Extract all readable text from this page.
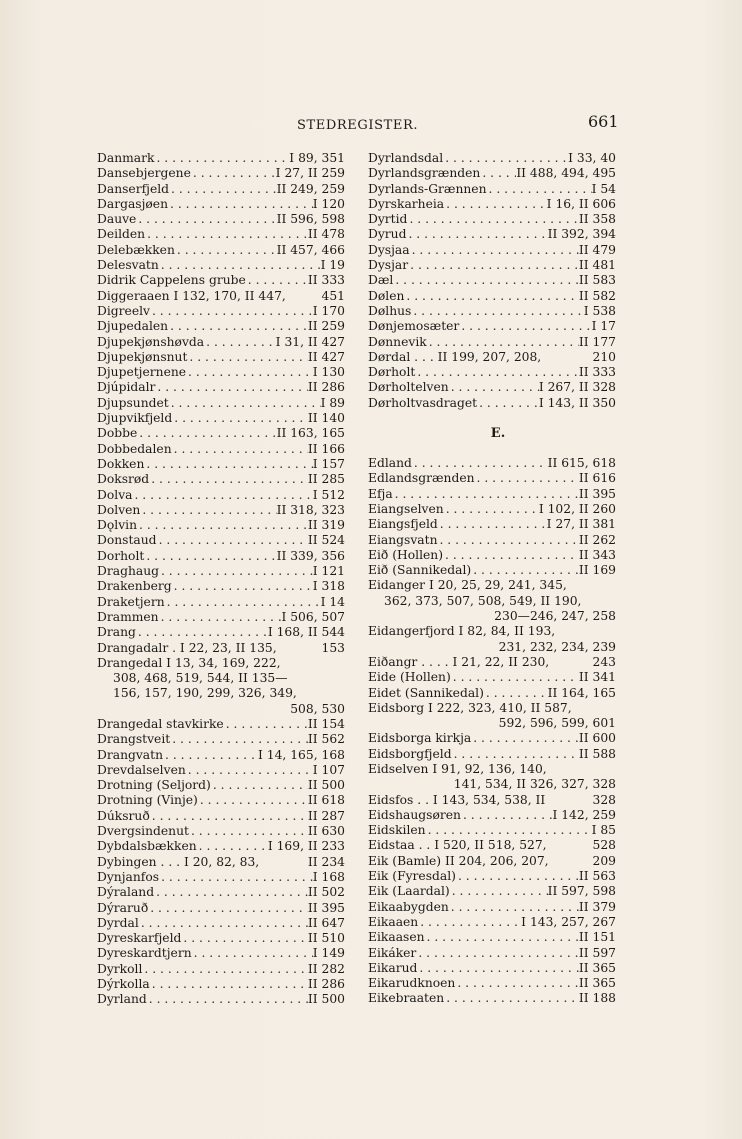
STEDREGISTER.	661
Danmark . . .	I 89, 351
Dansebjergene . . .	I 27, II 259
Danserfjeld . . .	II 249, 259
Dargasjøen . . .	I 120
Dauve . . .	II 596, 598
Deilden . . .	II 478
Delebækken . . .	II 457, 466
Delesvatn . . .	I 19
Didrik Cappelens grube . . .	II 333
Diggeraaen I 132, 170, II 447,	451
Digreelv . . .	I 170
Djupedalen . . .	II 259
Djupekjønshøvda . . .	I 31, II 427
Djupekjønsnut . . .	II 427
Djupetjernene . . .	I 130
Djúpidalr . . .	II 286
Djupsundet . . .	I 89
Djupvikfjeld . . .	II 140
Dobbe . . .	II 163, 165
Dobbedalen . . .	II 166
Dokken . . .	I 157
Doksrød . . .	II 285
Dolva . . .	I 512
Dolven . . .	II 318, 323
Dǫlvin . . .	II 319
Donstaud . . .	II 524
Dorholt . . .	II 339, 356
Draghaug . . .	I 121
Drakenberg . . .	I 318
Draketjern . . .	I 14
Drammen . . .	I 506, 507
Drang . . .	I 168, II 544
Drangadalr . I 22, 23, II 135,	153
Drangedal I 13, 34, 169, 222,
308, 468, 519, 544, II 135—
156, 157, 190, 299, 326, 349,
508, 530
Drangedal stavkirke . . .	II 154
Drangstveit . . .	II 562
Drangvatn . . .	I 14, 165, 168
Drevdalselven . . .	I 107
Drotning (Seljord) . . .	II 500
Drotning (Vinje) . . .	II 618
Dúksruð . . .	II 287
Dvergsindenut . . .	II 630
Dybdalsbækken . . .	I 169, II 233
Dybingen . . . I 20, 82, 83,	II 234
Dynjanfos . . .	I 168
Dýraland . . .	II 502
Dýraruð . . .	II 395
Dyrdal . . .	II 647
Dyreskarfjeld . . .	II 510
Dyreskardtjern . . .	I 149
Dyrkoll . . .	II 282
Dýrkolla . . .	II 286
Dyrland . . .	II 500
Dyrlandsdal . . .	I 33, 40
Dyrlandsgrænden . . .	II 488, 494, 495
Dyrlands-Grænnen . . .	I 54
Dyrskarheia . . .	I 16, II 606
Dyrtid . . .	II 358
Dyrud . . .	II 392, 394
Dysjaa . . .	II 479
Dysjar . . .	II 481
Dæl . . .	II 583
Dølen . . .	II 582
Dølhus . . .	I 538
Dønjemosæter . . .	I 17
Dønnevik . . .	II 177
Dørdal . . . II 199, 207, 208,	210
Dørholt . . .	II 333
Dørholtelven . . .	I 267, II 328
Dørholtvasdraget . . .	I 143, II 350
E.
Edland . . .	II 615, 618
Edlandsgrænden . . .	II 616
Efja . . .	II 395
Eiangselven . . .	I 102, II 260
Eiangsfjeld . . .	I 27, II 381
Eiangsvatn . . .	II 262
Eið (Hollen) . . .	II 343
Eið (Sannikedal) . . .	II 169
Eidanger I 20, 25, 29, 241, 345,
362, 373, 507, 508, 549, II 190,
230—246, 247, 258
Eidangerfjord I 82, 84, II 193,
231, 232, 234, 239
Eiðangr . . . . I 21, 22, II 230,	243
Eide (Hollen) . . .	II 341
Eidet (Sannikedal) . . .	II 164, 165
Eidsborg I 222, 323, 410, II 587,
592, 596, 599, 601
Eidsborga kirkja . . .	II 600
Eidsborgfjeld . . .	II 588
Eidselven I 91, 92, 136, 140,
141, 534, II 326, 327, 328
Eidsfos . . I 143, 534, 538, II	328
Eidshaugsøren . . .	I 142, 259
Eidskilen . . .	I 85
Eidstaa . . I 520, II 518, 527,	528
Eik (Bamle) II 204, 206, 207,	209
Eik (Fyresdal) . . .	II 563
Eik (Laardal) . . .	II 597, 598
Eikaabygden . . .	II 379
Eikaaen . . .	I 143, 257, 267
Eikaasen . . .	II 151
Eikáker . . .	II 597
Eikarud . . .	II 365
Eikarudknoen . . .	II 365
Eikebraaten . . .	II 188
